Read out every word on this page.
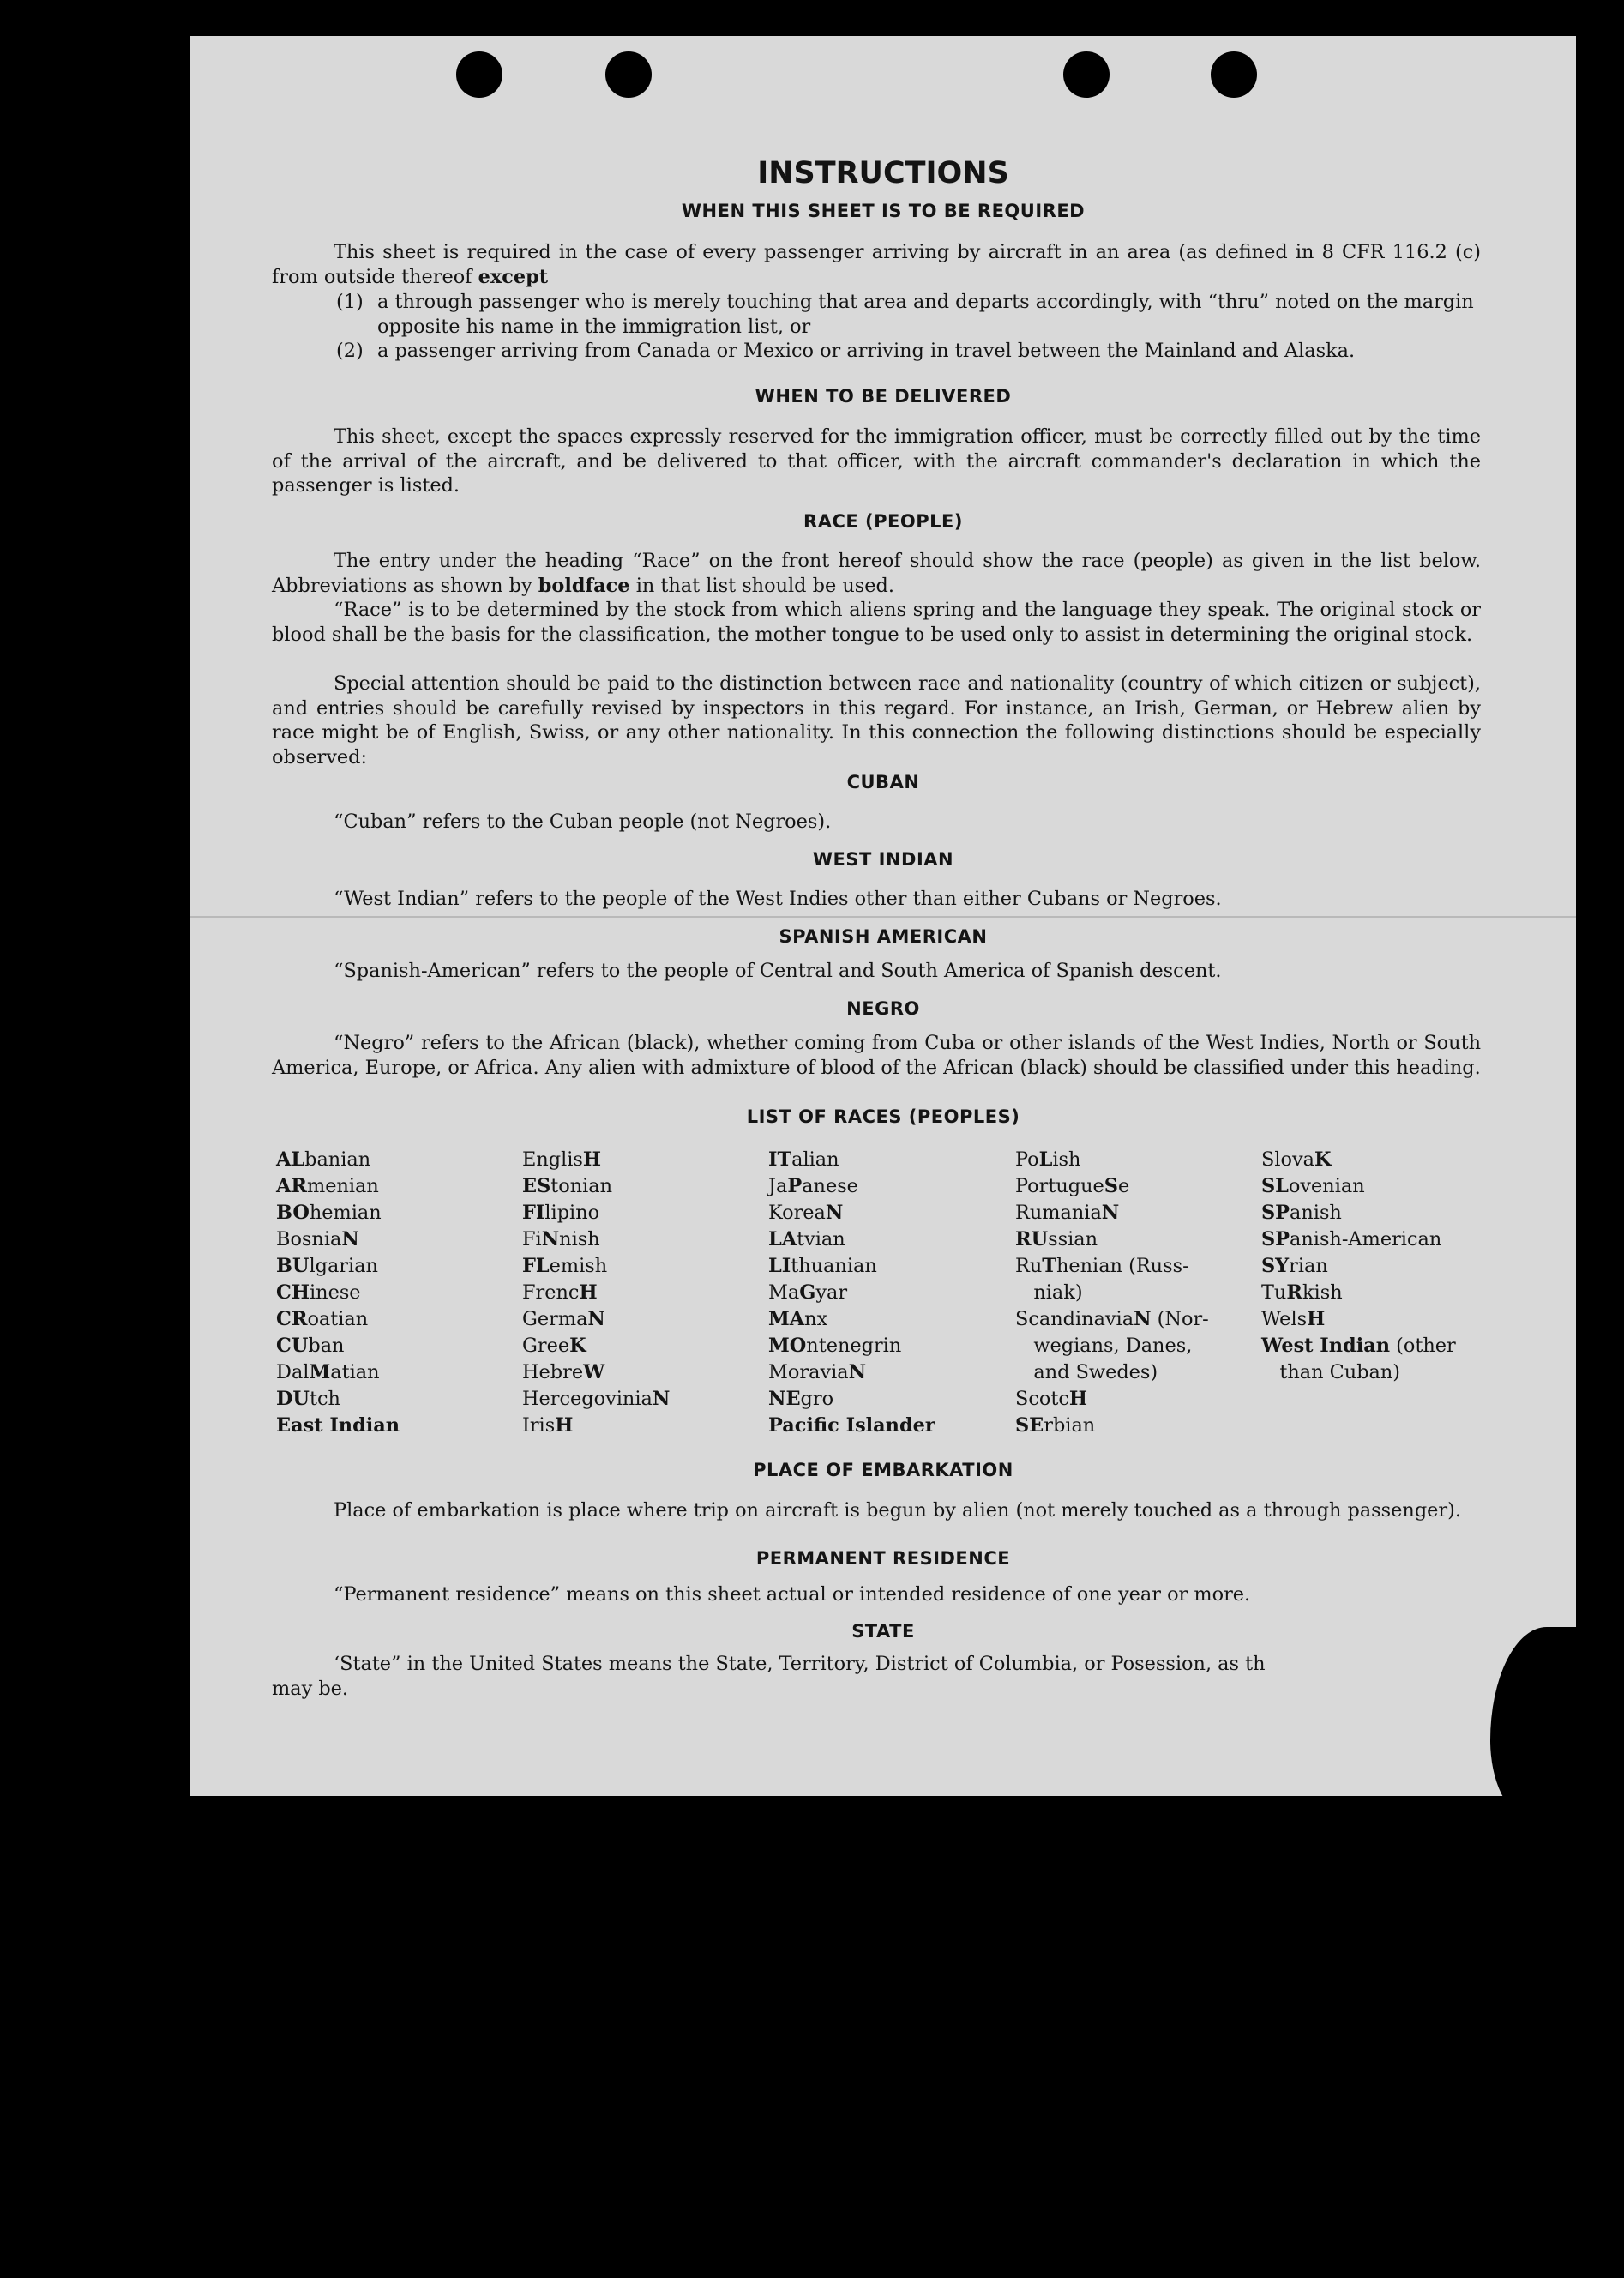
INSTRUCTIONS
WHEN THIS SHEET IS TO BE REQUIRED

This sheet is required in the case of every passenger arriving by aircraft in an area (as defined in 8 CFR 116.2 (c) from outside thereof except

(1) a through passenger who is merely touching that area and departs accordingly, with “thru” noted on the margin opposite his name in the immigration list, or

(2) a passenger arriving from Canada or Mexico or arriving in travel between the Mainland and Alaska.

WHEN TO BE DELIVERED

This sheet, except the spaces expressly reserved for the immigration officer, must be correctly filled out by the time of the arrival of the aircraft, and be delivered to that officer, with the aircraft commander's declaration in which the passenger is listed.

RACE (PEOPLE)

The entry under the heading “Race” on the front hereof should show the race (people) as given in the list below. Abbreviations as shown by boldface in that list should be used.

“Race” is to be determined by the stock from which aliens spring and the language they speak. The original stock or blood shall be the basis for the classification, the mother tongue to be used only to assist in determining the original stock.

Special attention should be paid to the distinction between race and nationality (country of which citizen or subject), and entries should be carefully revised by inspectors in this regard. For instance, an Irish, German, or Hebrew alien by race might be of English, Swiss, or any other nationality. In this connection the following distinctions should be especially observed:

CUBAN

“Cuban” refers to the Cuban people (not Negroes).

WEST INDIAN

“West Indian” refers to the people of the West Indies other than either Cubans or Negroes.

SPANISH AMERICAN

“Spanish-American” refers to the people of Central and South America of Spanish descent.

NEGRO

“Negro” refers to the African (black), whether coming from Cuba or other islands of the West Indies, North or South America, Europe, or Africa. Any alien with admixture of blood of the African (black) should be classified under this heading.

LIST OF RACES (PEOPLES)
ALbanian
ARmenian
BOhemian
BosniaN
BUlgarian
CHinese
CRoatian
CUban
DalMatian
DUtch
East Indian
EnglisH
EStonian
FIlipino
FiNnish
FLemish
FrencH
GermaN
GreeK
HebreW
HercegoviniaN
IrisH
ITalian
JaPanese
KoreaN
LAtvian
LIthuanian
MaGyar
MAnx
MOntenegrin
MoraviaN
NEgro
Pacific Islander
PoLish
PortugueSe
RumaniaN
RUssian
RuThenian (Russ-
niak)
ScandinaviaN (Nor-
wegians, Danes,
and Swedes)
ScotcH
SErbian
SlovaK
SLovenian
SPanish
SPanish-American
SYrian
TuRkish
WelsH
West Indian (other
than Cuban)
PLACE OF EMBARKATION

Place of embarkation is place where trip on aircraft is begun by alien (not merely touched as a through passenger).

PERMANENT RESIDENCE

“Permanent residence” means on this sheet actual or intended residence of one year or more.

STATE

‘State” in the United States means the State, Territory, District of Columbia, or Posession, as th
may be.
